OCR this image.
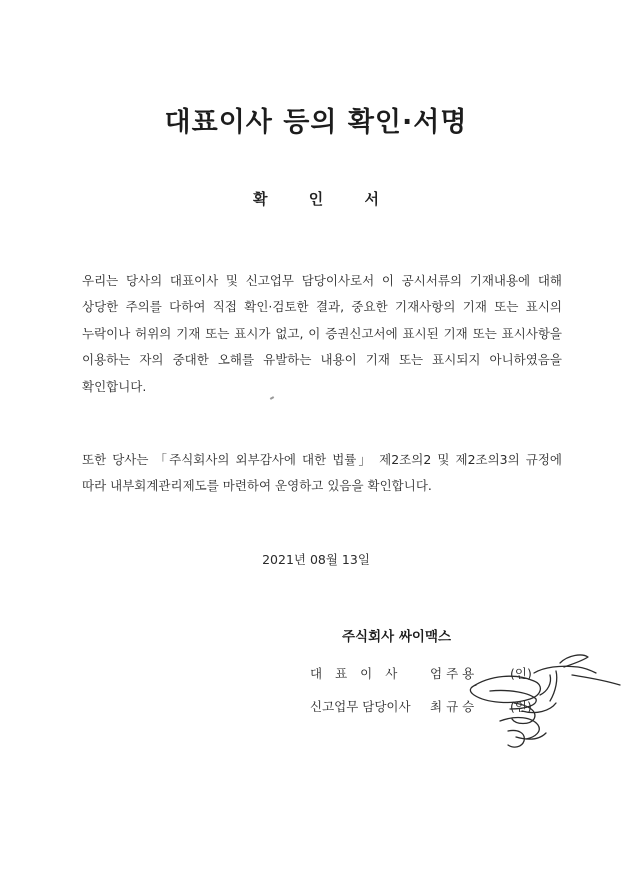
대표이사 등의 확인·서명
확 인 서
우리는 당사의 대표이사 및 신고업무 담당이사로서 이 공시서류의 기재내용에 대해 상당한 주의를 다하여 직접 확인·검토한 결과, 중요한 기재사항의 기재 또는 표시의 누락이나 허위의 기재 또는 표시가 없고, 이 증권신고서에 표시된 기재 또는 표시사항을 이용하는 자의 중대한 오해를 유발하는 내용이 기재 또는 표시되지 아니하였음을 확인합니다.
또한 당사는 「주식회사의 외부감사에 대한 법률」 제2조의2 및 제2조의3의 규정에 따라 내부회계관리제도를 마련하여 운영하고 있음을 확인합니다.
2021년 08월 13일
주식회사 싸이맥스
대표이사 엄주용	(인)
신고업무 담당이사 최규승	(인)
